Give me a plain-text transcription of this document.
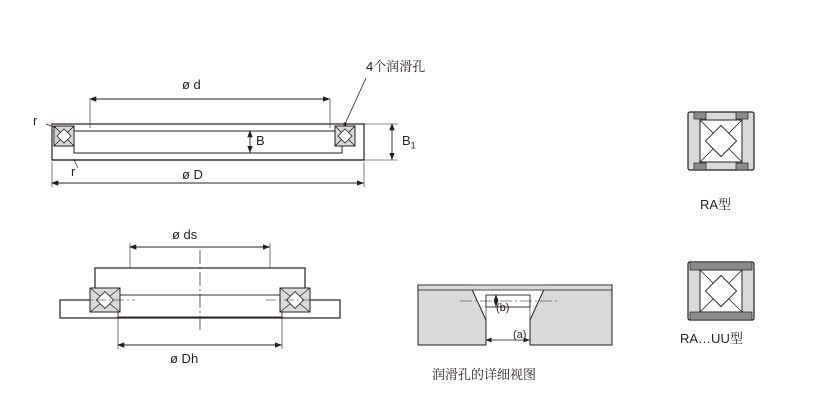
ø d
ø D
B	$B_1$
r
r
4个润滑孔
ø ds
ø Dh
(b)
(a)
润滑孔的详细视图
RA型
RA…UU型
